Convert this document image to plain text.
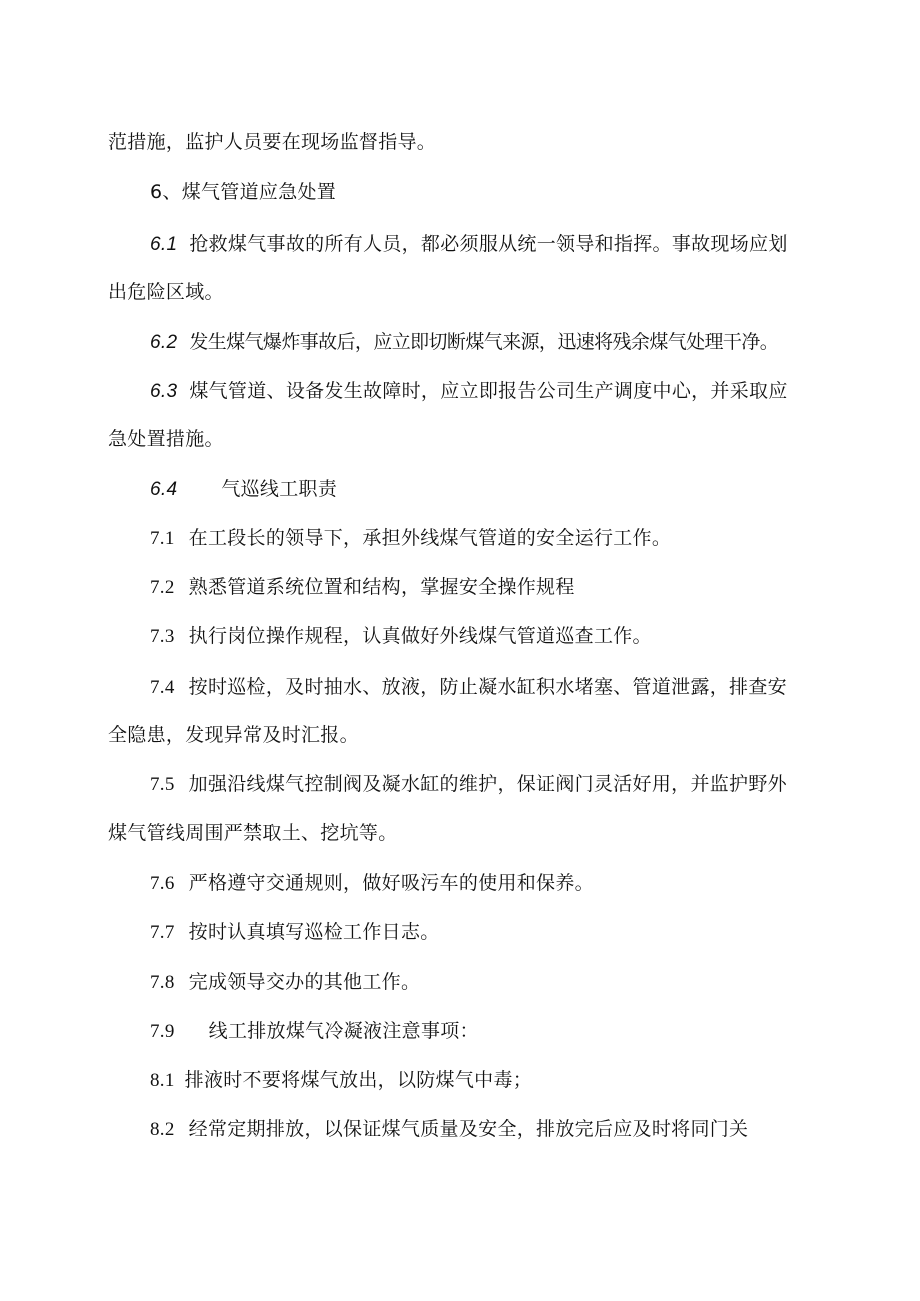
范措施，监护人员要在现场监督指导。
6、煤气管道应急处置
6.1 抢救煤气事故的所有人员，都必须服从统一领导和指挥。事故现场应划
出危险区域。
6.2 发生煤气爆炸事故后，应立即切断煤气来源，迅速将残余煤气处理干净。
6.3 煤气管道、设备发生故障时，应立即报告公司生产调度中心，并采取应
急处置措施。
6.4 气巡线工职责
7.1 在工段长的领导下，承担外线煤气管道的安全运行工作。
7.2 熟悉管道系统位置和结构，掌握安全操作规程
7.3 执行岗位操作规程，认真做好外线煤气管道巡查工作。
7.4 按时巡检，及时抽水、放液，防止凝水缸积水堵塞、管道泄露，排查安
全隐患，发现异常及时汇报。
7.5 加强沿线煤气控制阀及凝水缸的维护，保证阀门灵活好用，并监护野外
煤气管线周围严禁取土、挖坑等。
7.6 严格遵守交通规则，做好吸污车的使用和保养。
7.7 按时认真填写巡检工作日志。
7.8 完成领导交办的其他工作。
7.9 线工排放煤气冷凝液注意事项：
8.1 排液时不要将煤气放出，以防煤气中毒；
8.2 经常定期排放，以保证煤气质量及安全，排放完后应及时将同门关
